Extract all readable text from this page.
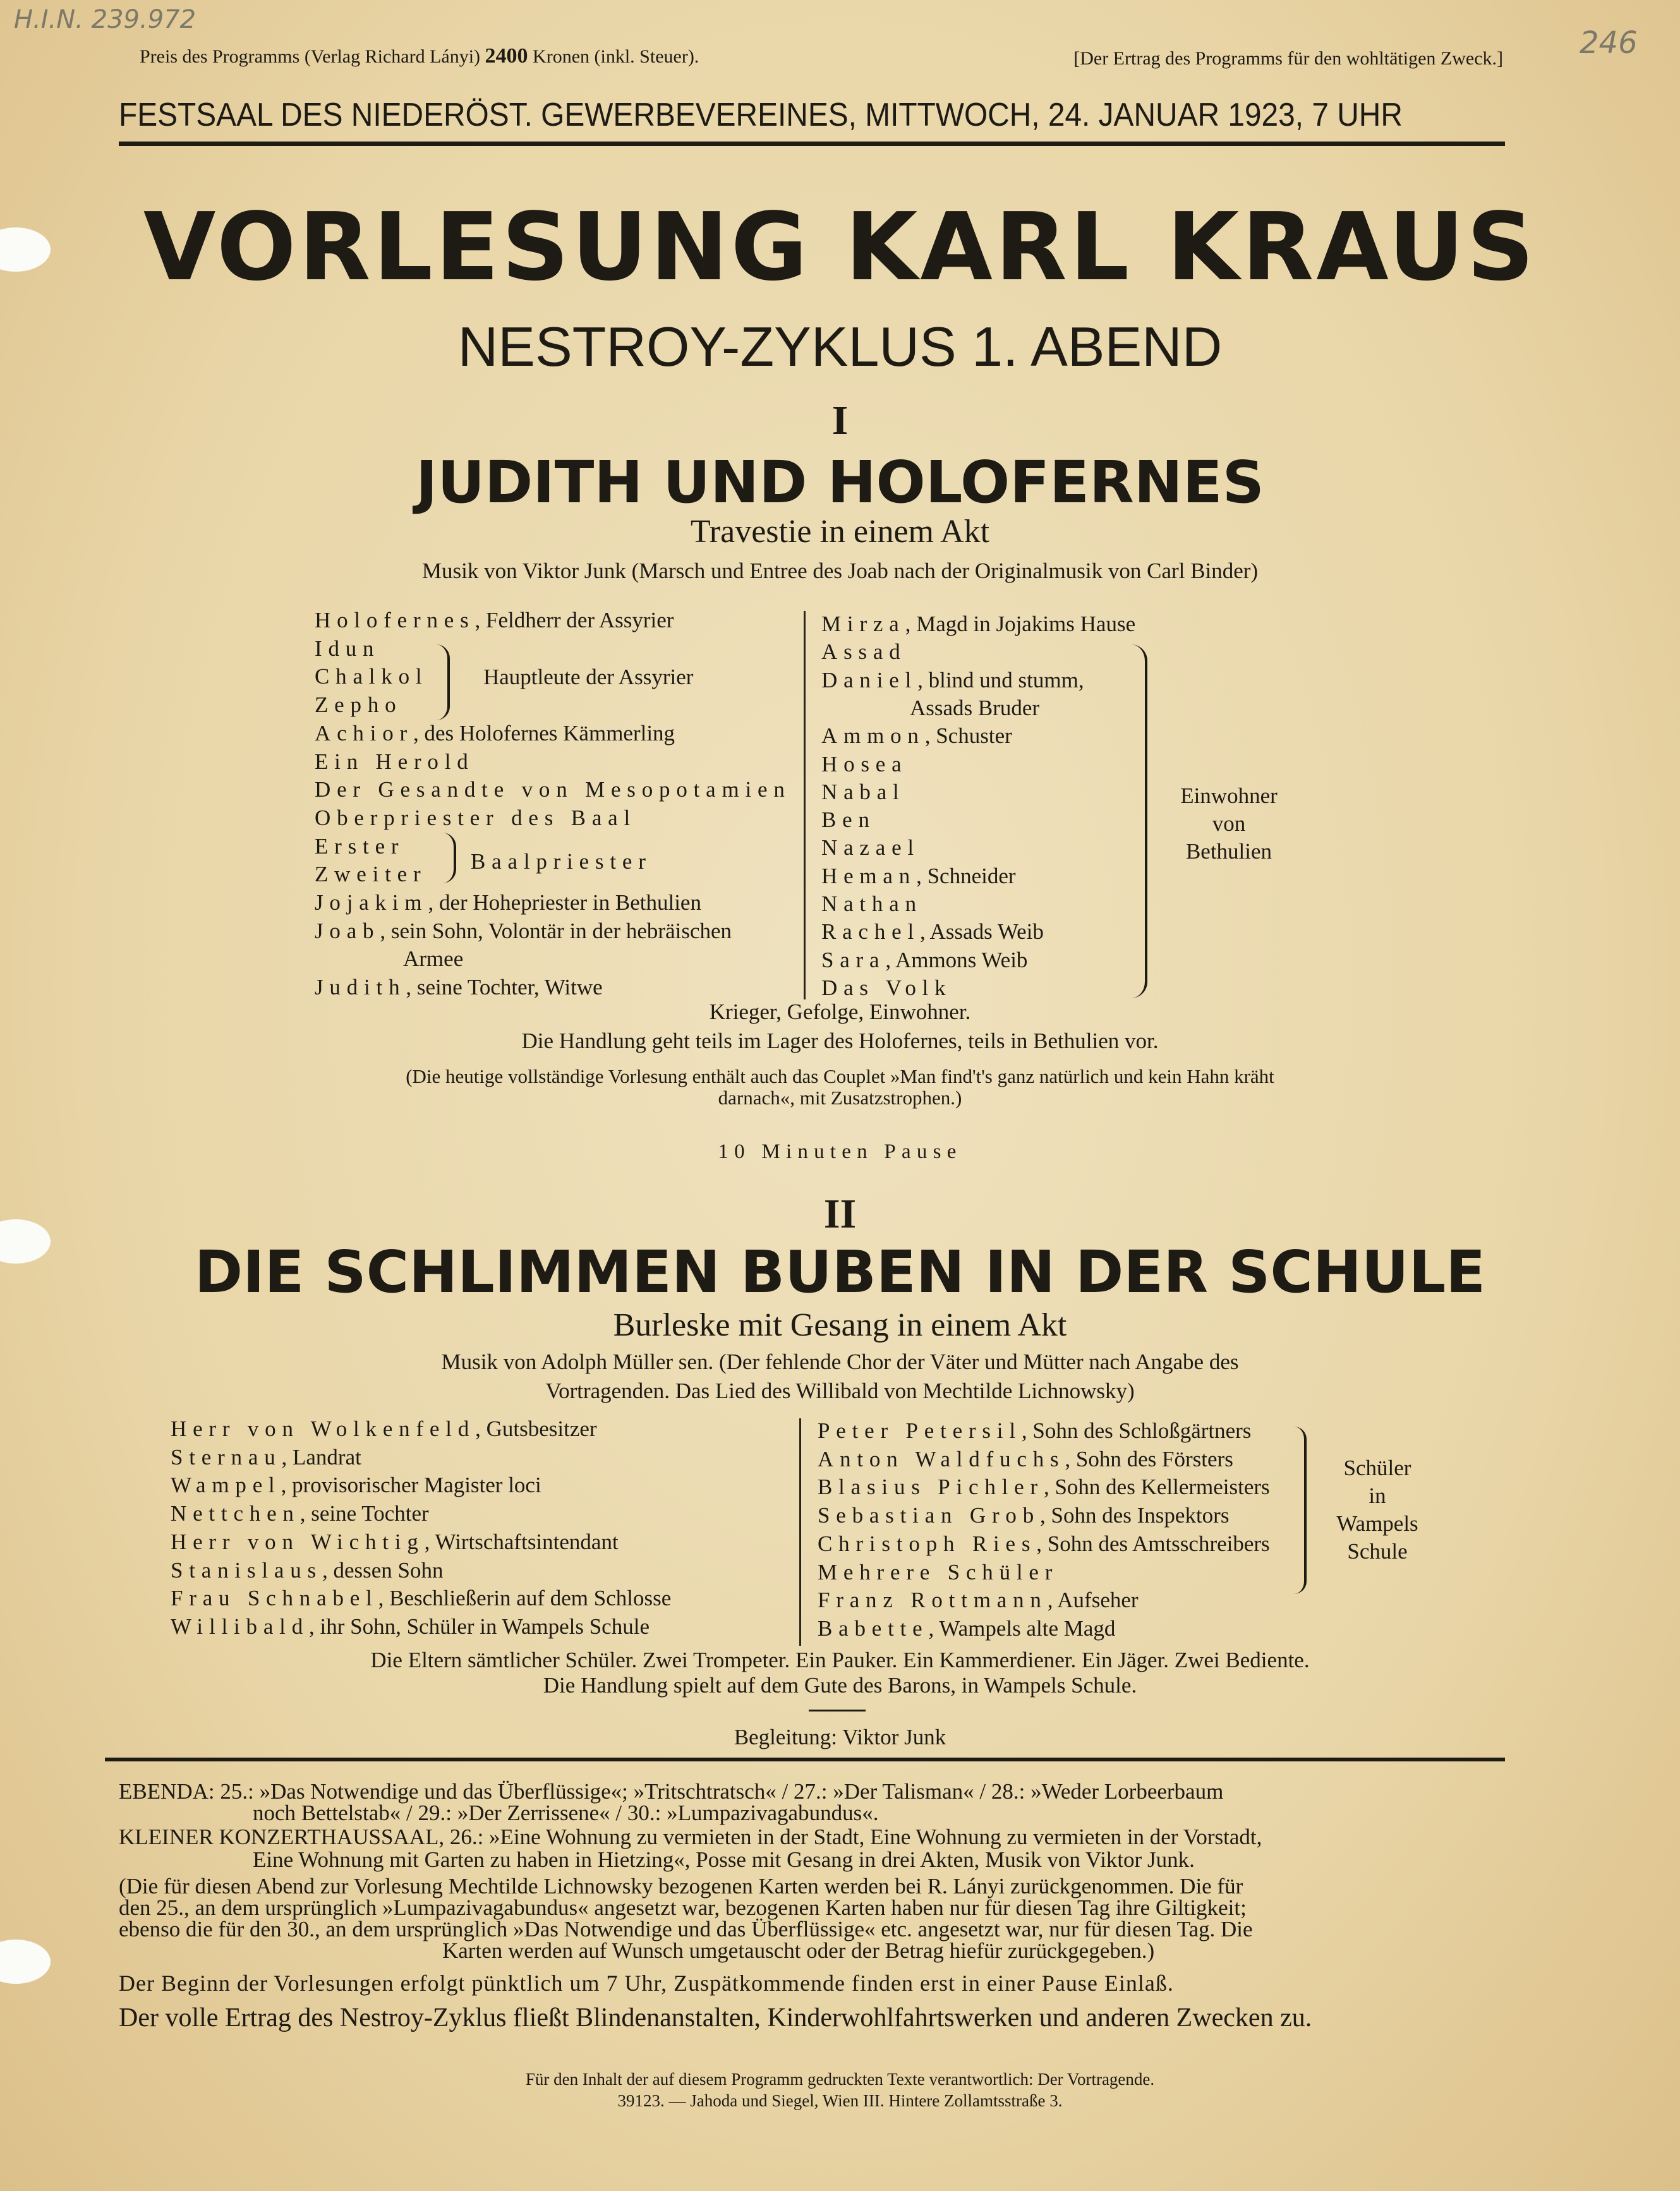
H.I.N. 239.972
246
Preis des Programms (Verlag Richard Lányi) 2400 Kronen (inkl. Steuer).	[Der Ertrag des Programms für den wohltätigen Zweck.]
FESTSAAL DES NIEDERÖST. GEWERBEVEREINES, MITTWOCH, 24. JANUAR 1923, 7 UHR
VORLESUNG KARL KRAUS
NESTROY-ZYKLUS 1. ABEND
I
JUDITH UND HOLOFERNES
Travestie in einem Akt
Musik von Viktor Junk (Marsch und Entree des Joab nach der Originalmusik von Carl Binder)
Holofernes, Feldherr der Assyrier
Idun
Chalkol
Zepho
Achior, des Holofernes Kämmerling
Ein Herold
Der Gesandte von Mesopotamien
Oberpriester des Baal
Erster
Zweiter
Jojakim, der Hohepriester in Bethulien
Joab, sein Sohn, Volontär in der hebräischen
Armee
Judith, seine Tochter, Witwe
Mirza, Magd in Jojakims Hause
Assad
Daniel, blind und stumm,
Assads Bruder
Ammon, Schuster
Hosea
Nabal
Ben
Nazael
Heman, Schneider
Nathan
Rachel, Assads Weib
Sara, Ammons Weib
Das Volk
Hauptleute der Assyrier
Baalpriester
Einwohner
von
Bethulien
Krieger, Gefolge, Einwohner.
Die Handlung geht teils im Lager des Holofernes, teils in Bethulien vor.
(Die heutige vollständige Vorlesung enthält auch das Couplet »Man find't's ganz natürlich und kein Hahn kräht
darnach«, mit Zusatzstrophen.)
10 Minuten Pause
II
DIE SCHLIMMEN BUBEN IN DER SCHULE
Burleske mit Gesang in einem Akt
Musik von Adolph Müller sen. (Der fehlende Chor der Väter und Mütter nach Angabe des
Vortragenden. Das Lied des Willibald von Mechtilde Lichnowsky)
Herr von Wolkenfeld, Gutsbesitzer
Sternau, Landrat
Wampel, provisorischer Magister loci
Nettchen, seine Tochter
Herr von Wichtig, Wirtschaftsintendant
Stanislaus, dessen Sohn
Frau Schnabel, Beschließerin auf dem Schlosse
Willibald, ihr Sohn, Schüler in Wampels Schule
Peter Petersil, Sohn des Schloßgärtners
Anton Waldfuchs, Sohn des Försters
Blasius Pichler, Sohn des Kellermeisters
Sebastian Grob, Sohn des Inspektors
Christoph Ries, Sohn des Amtsschreibers
Mehrere Schüler
Franz Rottmann, Aufseher
Babette, Wampels alte Magd
Schüler
in
Wampels
Schule
Die Eltern sämtlicher Schüler. Zwei Trompeter. Ein Pauker. Ein Kammerdiener. Ein Jäger. Zwei Bediente.
Die Handlung spielt auf dem Gute des Barons, in Wampels Schule.
Begleitung: Viktor Junk
EBENDA: 25.: »Das Notwendige und das Überflüssige«; »Tritschtratsch« / 27.: »Der Talisman« / 28.: »Weder Lorbeerbaum
noch Bettelstab« / 29.: »Der Zerrissene« / 30.: »Lumpazivagabundus«.
KLEINER KONZERTHAUSSAAL, 26.: »Eine Wohnung zu vermieten in der Stadt, Eine Wohnung zu vermieten in der Vorstadt,
Eine Wohnung mit Garten zu haben in Hietzing«, Posse mit Gesang in drei Akten, Musik von Viktor Junk.
(Die für diesen Abend zur Vorlesung Mechtilde Lichnowsky bezogenen Karten werden bei R. Lányi zurückgenommen. Die für
den 25., an dem ursprünglich »Lumpazivagabundus« angesetzt war, bezogenen Karten haben nur für diesen Tag ihre Giltigkeit;
ebenso die für den 30., an dem ursprünglich »Das Notwendige und das Überflüssige« etc. angesetzt war, nur für diesen Tag. Die
Karten werden auf Wunsch umgetauscht oder der Betrag hiefür zurückgegeben.)
Der Beginn der Vorlesungen erfolgt pünktlich um 7 Uhr, Zuspätkommende finden erst in einer Pause Einlaß.
Der volle Ertrag des Nestroy-Zyklus fließt Blindenanstalten, Kinderwohlfahrtswerken und anderen Zwecken zu.
Für den Inhalt der auf diesem Programm gedruckten Texte verantwortlich: Der Vortragende.
39123. — Jahoda und Siegel, Wien III. Hintere Zollamtsstraße 3.
